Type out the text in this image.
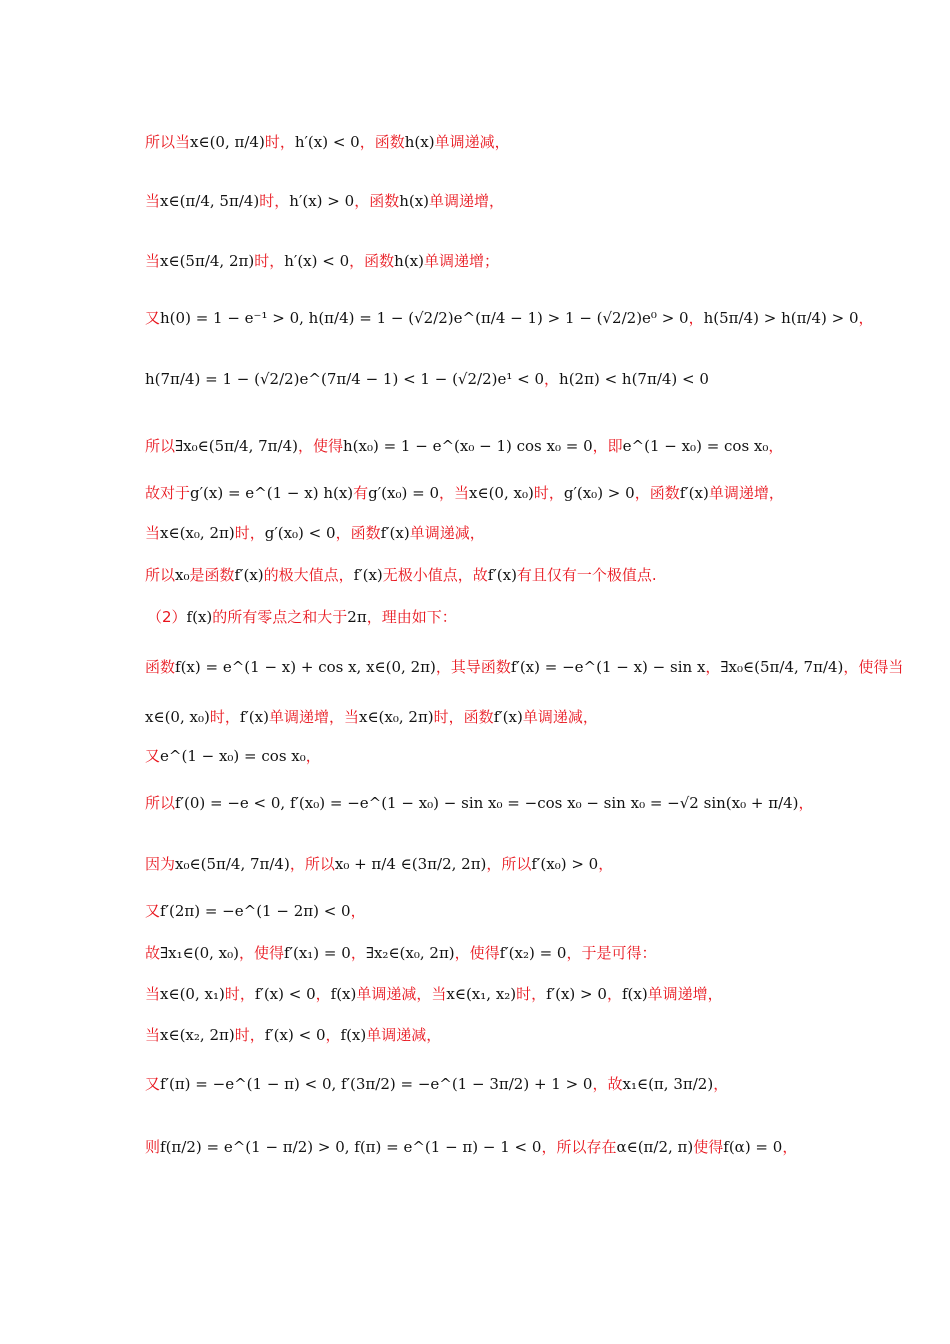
所以当x∈(0, π/4)时，h′(x) < 0，函数h(x)单调递减，
当x∈(π/4, 5π/4)时，h′(x) > 0，函数h(x)单调递增，
当x∈(5π/4, 2π)时，h′(x) < 0，函数h(x)单调递增；
又h(0) = 1 − e⁻¹ > 0, h(π/4) = 1 − (√2/2)e^(π/4 − 1) > 1 − (√2/2)e⁰ > 0，h(5π/4) > h(π/4) > 0，
h(7π/4) = 1 − (√2/2)e^(7π/4 − 1) < 1 − (√2/2)e¹ < 0，h(2π) < h(7π/4) < 0
所以∃x₀∈(5π/4, 7π/4)，使得h(x₀) = 1 − e^(x₀ − 1) cos x₀ = 0，即e^(1 − x₀) = cos x₀，
故对于g′(x) = e^(1 − x) h(x)有g′(x₀) = 0，当x∈(0, x₀)时，g′(x₀) > 0，函数f′(x)单调递增，
当x∈(x₀, 2π)时，g′(x₀) < 0，函数f′(x)单调递减，
所以x₀是函数f′(x)的极大值点，f′(x)无极小值点，故f′(x)有且仅有一个极值点.
（2）f(x)的所有零点之和大于2π，理由如下：
函数f(x) = e^(1 − x) + cos x, x∈(0, 2π)，其导函数f′(x) = −e^(1 − x) − sin x，∃x₀∈(5π/4, 7π/4)，使得当
x∈(0, x₀)时，f′(x)单调递增，当x∈(x₀, 2π)时，函数f′(x)单调递减，
又e^(1 − x₀) = cos x₀，
所以f′(0) = −e < 0, f′(x₀) = −e^(1 − x₀) − sin x₀ = −cos x₀ − sin x₀ = −√2 sin(x₀ + π/4)，
因为x₀∈(5π/4, 7π/4)，所以x₀ + π/4 ∈(3π/2, 2π)，所以f′(x₀) > 0，
又f′(2π) = −e^(1 − 2π) < 0，
故∃x₁∈(0, x₀)，使得f′(x₁) = 0，∃x₂∈(x₀, 2π)，使得f′(x₂) = 0，于是可得：
当x∈(0, x₁)时，f′(x) < 0，f(x)单调递减，当x∈(x₁, x₂)时，f′(x) > 0，f(x)单调递增，
当x∈(x₂, 2π)时，f′(x) < 0，f(x)单调递减，
又f′(π) = −e^(1 − π) < 0, f′(3π/2) = −e^(1 − 3π/2) + 1 > 0，故x₁∈(π, 3π/2)，
则f(π/2) = e^(1 − π/2) > 0, f(π) = e^(1 − π) − 1 < 0，所以存在α∈(π/2, π)使得f(α) = 0，
